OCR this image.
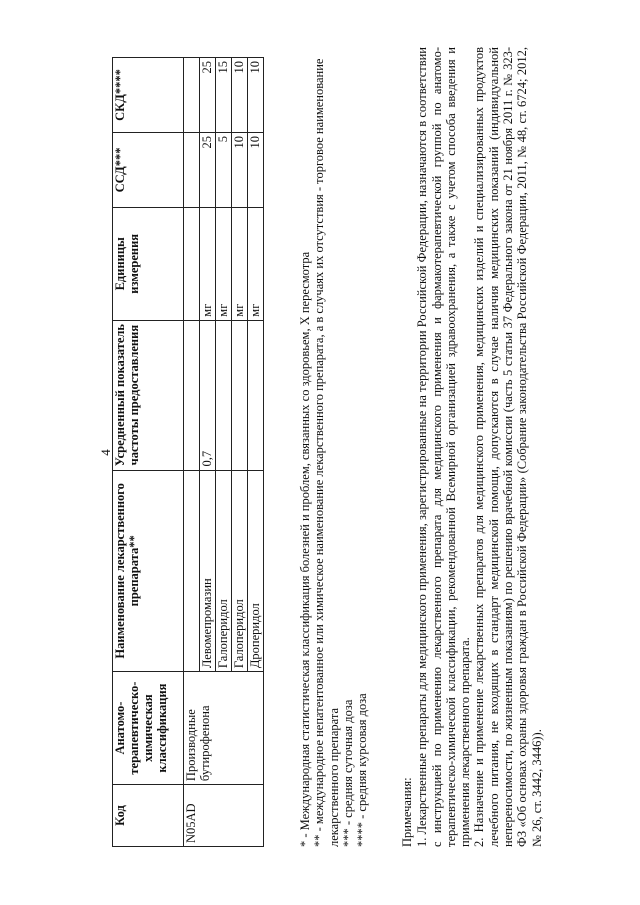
4
Код	Анатомо-терапевтическо-химическая классификация	Наименование лекарственного препарата**	Усредненный показатель частоты предоставления	Единицы измерения	ССД***	СКД****
N05AD	Производные бутирофенона					
		Левомепромазин	0,7	мг	25	25
		Галоперидол		мг	5	15
		Галоперидол		мг	10	10
		Дроперидол		мг	10	10

* - Международная статистическая классификация болезней и проблем, связанных со здоровьем, X пересмотра ** - международное непатентованное или химическое наименование лекарственного препарата, а в случаях их отсутствия - торговое наименование лекарственного препарата *** - средняя суточная доза **** - средняя курсовая доза Примечания: 1. Лекарственные препараты для медицинского применения, зарегистрированные на территории Российской Федерации, назначаются в соответствии с инструкцией по применению лекарственного препарата для медицинского применения и фармакотерапевтической группой по анатомо-терапевтическо-химической классификации, рекомендованной Всемирной организацией здравоохранения, а также с учетом способа введения и применения лекарственного препарата. 2. Назначение и применение лекарственных препаратов для медицинского применения, медицинских изделий и специализированных продуктов лечебного питания, не входящих в стандарт медицинской помощи, допускаются в случае наличия медицинских показаний (индивидуальной непереносимости, по жизненным показаниям) по решению врачебной комиссии (часть 5 статьи 37 Федерального закона от 21 ноября 2011 г. № 323-ФЗ «Об основах охраны здоровья граждан в Российской Федерации» (Собрание законодательства Российской Федерации, 2011, № 48, ст. 6724; 2012, № 26, ст. 3442, 3446)).
